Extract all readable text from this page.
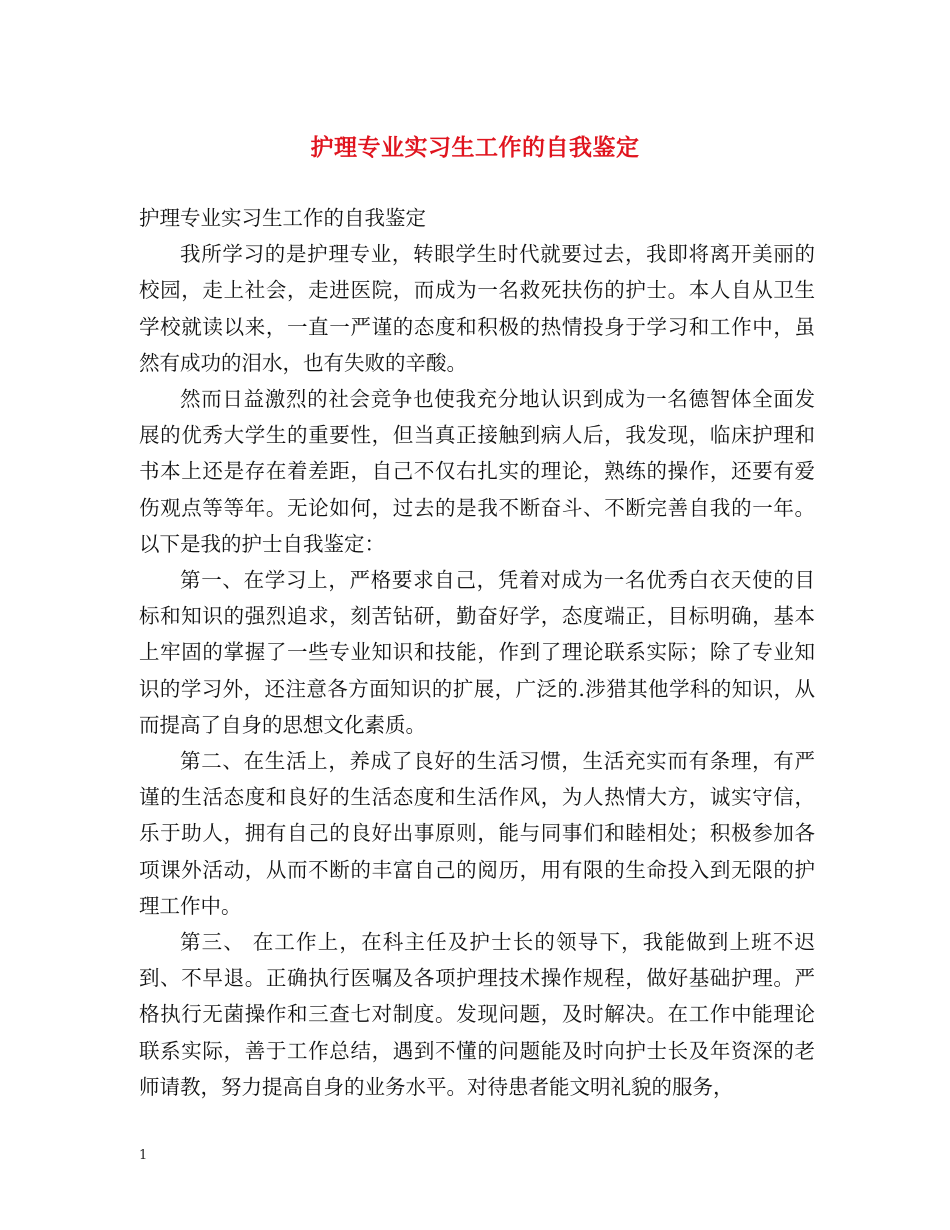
护理专业实习生工作的自我鉴定

护理专业实习生工作的自我鉴定

我所学习的是护理专业，转眼学生时代就要过去，我即将离开美丽的校园，走上社会，走进医院，而成为一名救死扶伤的护士。本人自从卫生学校就读以来，一直一严谨的态度和积极的热情投身于学习和工作中，虽然有成功的泪水，也有失败的辛酸。

然而日益激烈的社会竞争也使我充分地认识到成为一名德智体全面发展的优秀大学生的重要性，但当真正接触到病人后，我发现，临床护理和书本上还是存在着差距，自己不仅右扎实的理论，熟练的操作，还要有爱伤观点等等年。无论如何，过去的是我不断奋斗、不断完善自我的一年。以下是我的护士自我鉴定：

第一、在学习上，严格要求自己，凭着对成为一名优秀白衣天使的目标和知识的强烈追求，刻苦钻研，勤奋好学，态度端正，目标明确，基本上牢固的掌握了一些专业知识和技能，作到了理论联系实际；除了专业知识的学习外，还注意各方面知识的扩展，广泛的.涉猎其他学科的知识，从而提高了自身的思想文化素质。

第二、在生活上，养成了良好的生活习惯，生活充实而有条理，有严谨的生活态度和良好的生活态度和生活作风，为人热情大方，诚实守信，乐于助人，拥有自己的良好出事原则，能与同事们和睦相处；积极参加各项课外活动，从而不断的丰富自己的阅历，用有限的生命投入到无限的护理工作中。

第三、 在工作上，在科主任及护士长的领导下，我能做到上班不迟到、不早退。正确执行医嘱及各项护理技术操作规程，做好基础护理。严格执行无菌操作和三查七对制度。发现问题，及时解决。在工作中能理论联系实际，善于工作总结，遇到不懂的问题能及时向护士长及年资深的老师请教，努力提高自身的业务水平。对待患者能文明礼貌的服务，

1
